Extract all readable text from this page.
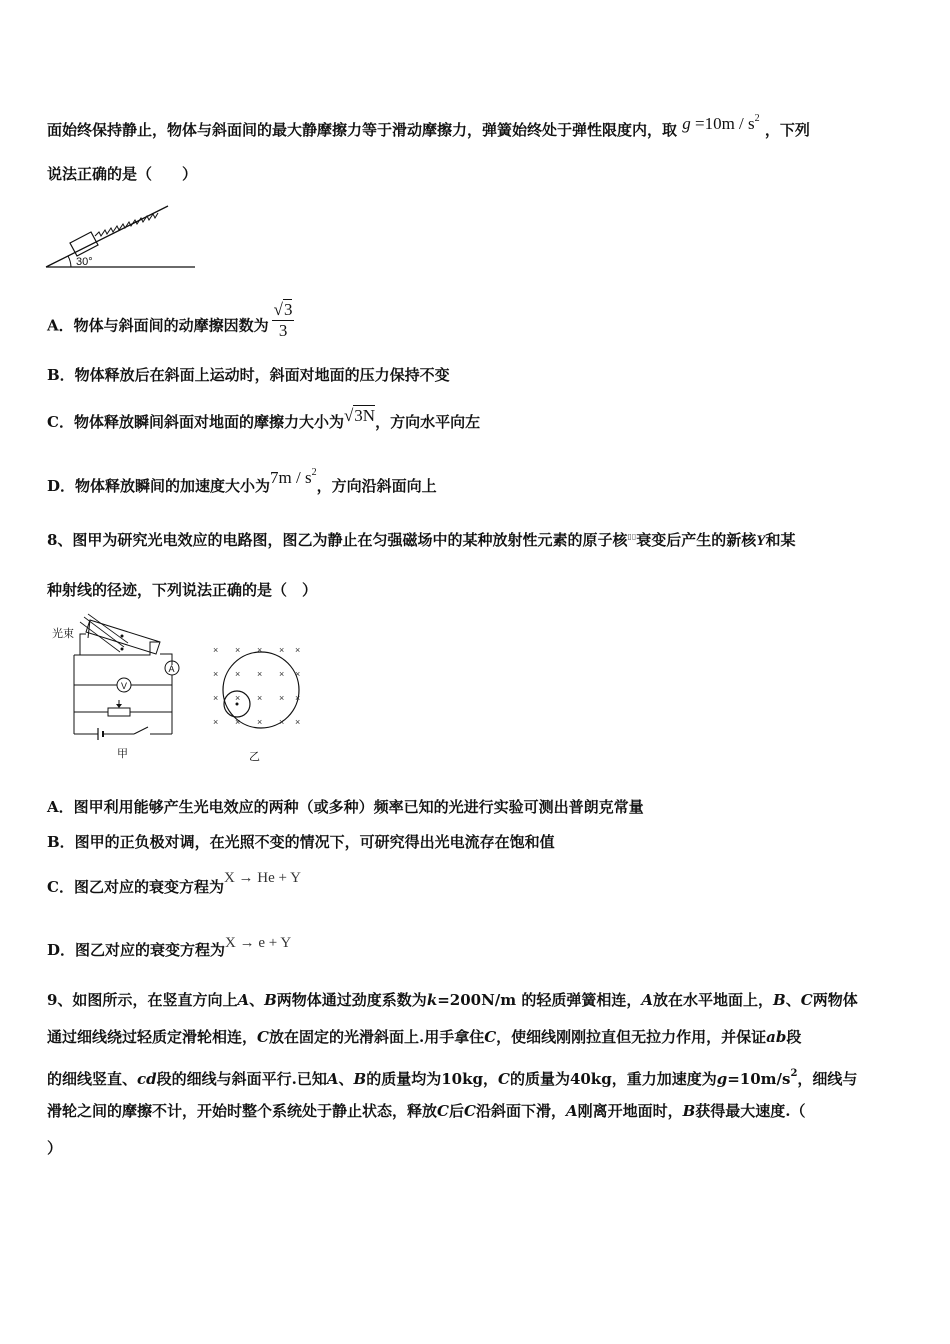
面始终保持静止，物体与斜面间的最大静摩擦力等于滑动摩擦力，弹簧始终处于弹性限度内，取 $g =10m / s^2$ ，下列
说法正确的是（　　）
30°
A．物体与斜面间的动摩擦因数为 $\frac{√3}{3}$
B．物体释放后在斜面上运动时，斜面对地面的压力保持不变
C．物体释放瞬间斜面对地面的摩擦力大小为√3N，方向水平向左
D．物体释放瞬间的加速度大小为$7m / s^2$，方向沿斜面向上
8、图甲为研究光电效应的电路图，图乙为静止在匀强磁场中的某种放射性元素的原子核▯▯衰变后产生的新核Y和某
种射线的径迹，下列说法正确的是（　）
光束
A
V
甲
× × × × ×
× × × × ×
× × × × ×
× × × × ×
乙
A．图甲利用能够产生光电效应的两种（或多种）频率已知的光进行实验可测出普朗克常量
B．图甲的正负极对调，在光照不变的情况下，可研究得出光电流存在饱和值
C．图乙对应的衰变方程为X → He + Y
D．图乙对应的衰变方程为X → e + Y
9、如图所示，在竖直方向上A、B两物体通过劲度系数为k=200N/m 的轻质弹簧相连，A放在水平地面上，B、C两物体
通过细线绕过轻质定滑轮相连，C放在固定的光滑斜面上.用手拿住C，使细线刚刚拉直但无拉力作用，并保证ab段
的细线竖直、cd段的细线与斜面平行.已知A、B的质量均为10kg，C的质量为40kg，重力加速度为$g=10m/s^2$，细线与
滑轮之间的摩擦不计，开始时整个系统处于静止状态，释放C后C沿斜面下滑，A刚离开地面时，B获得最大速度.（
）
